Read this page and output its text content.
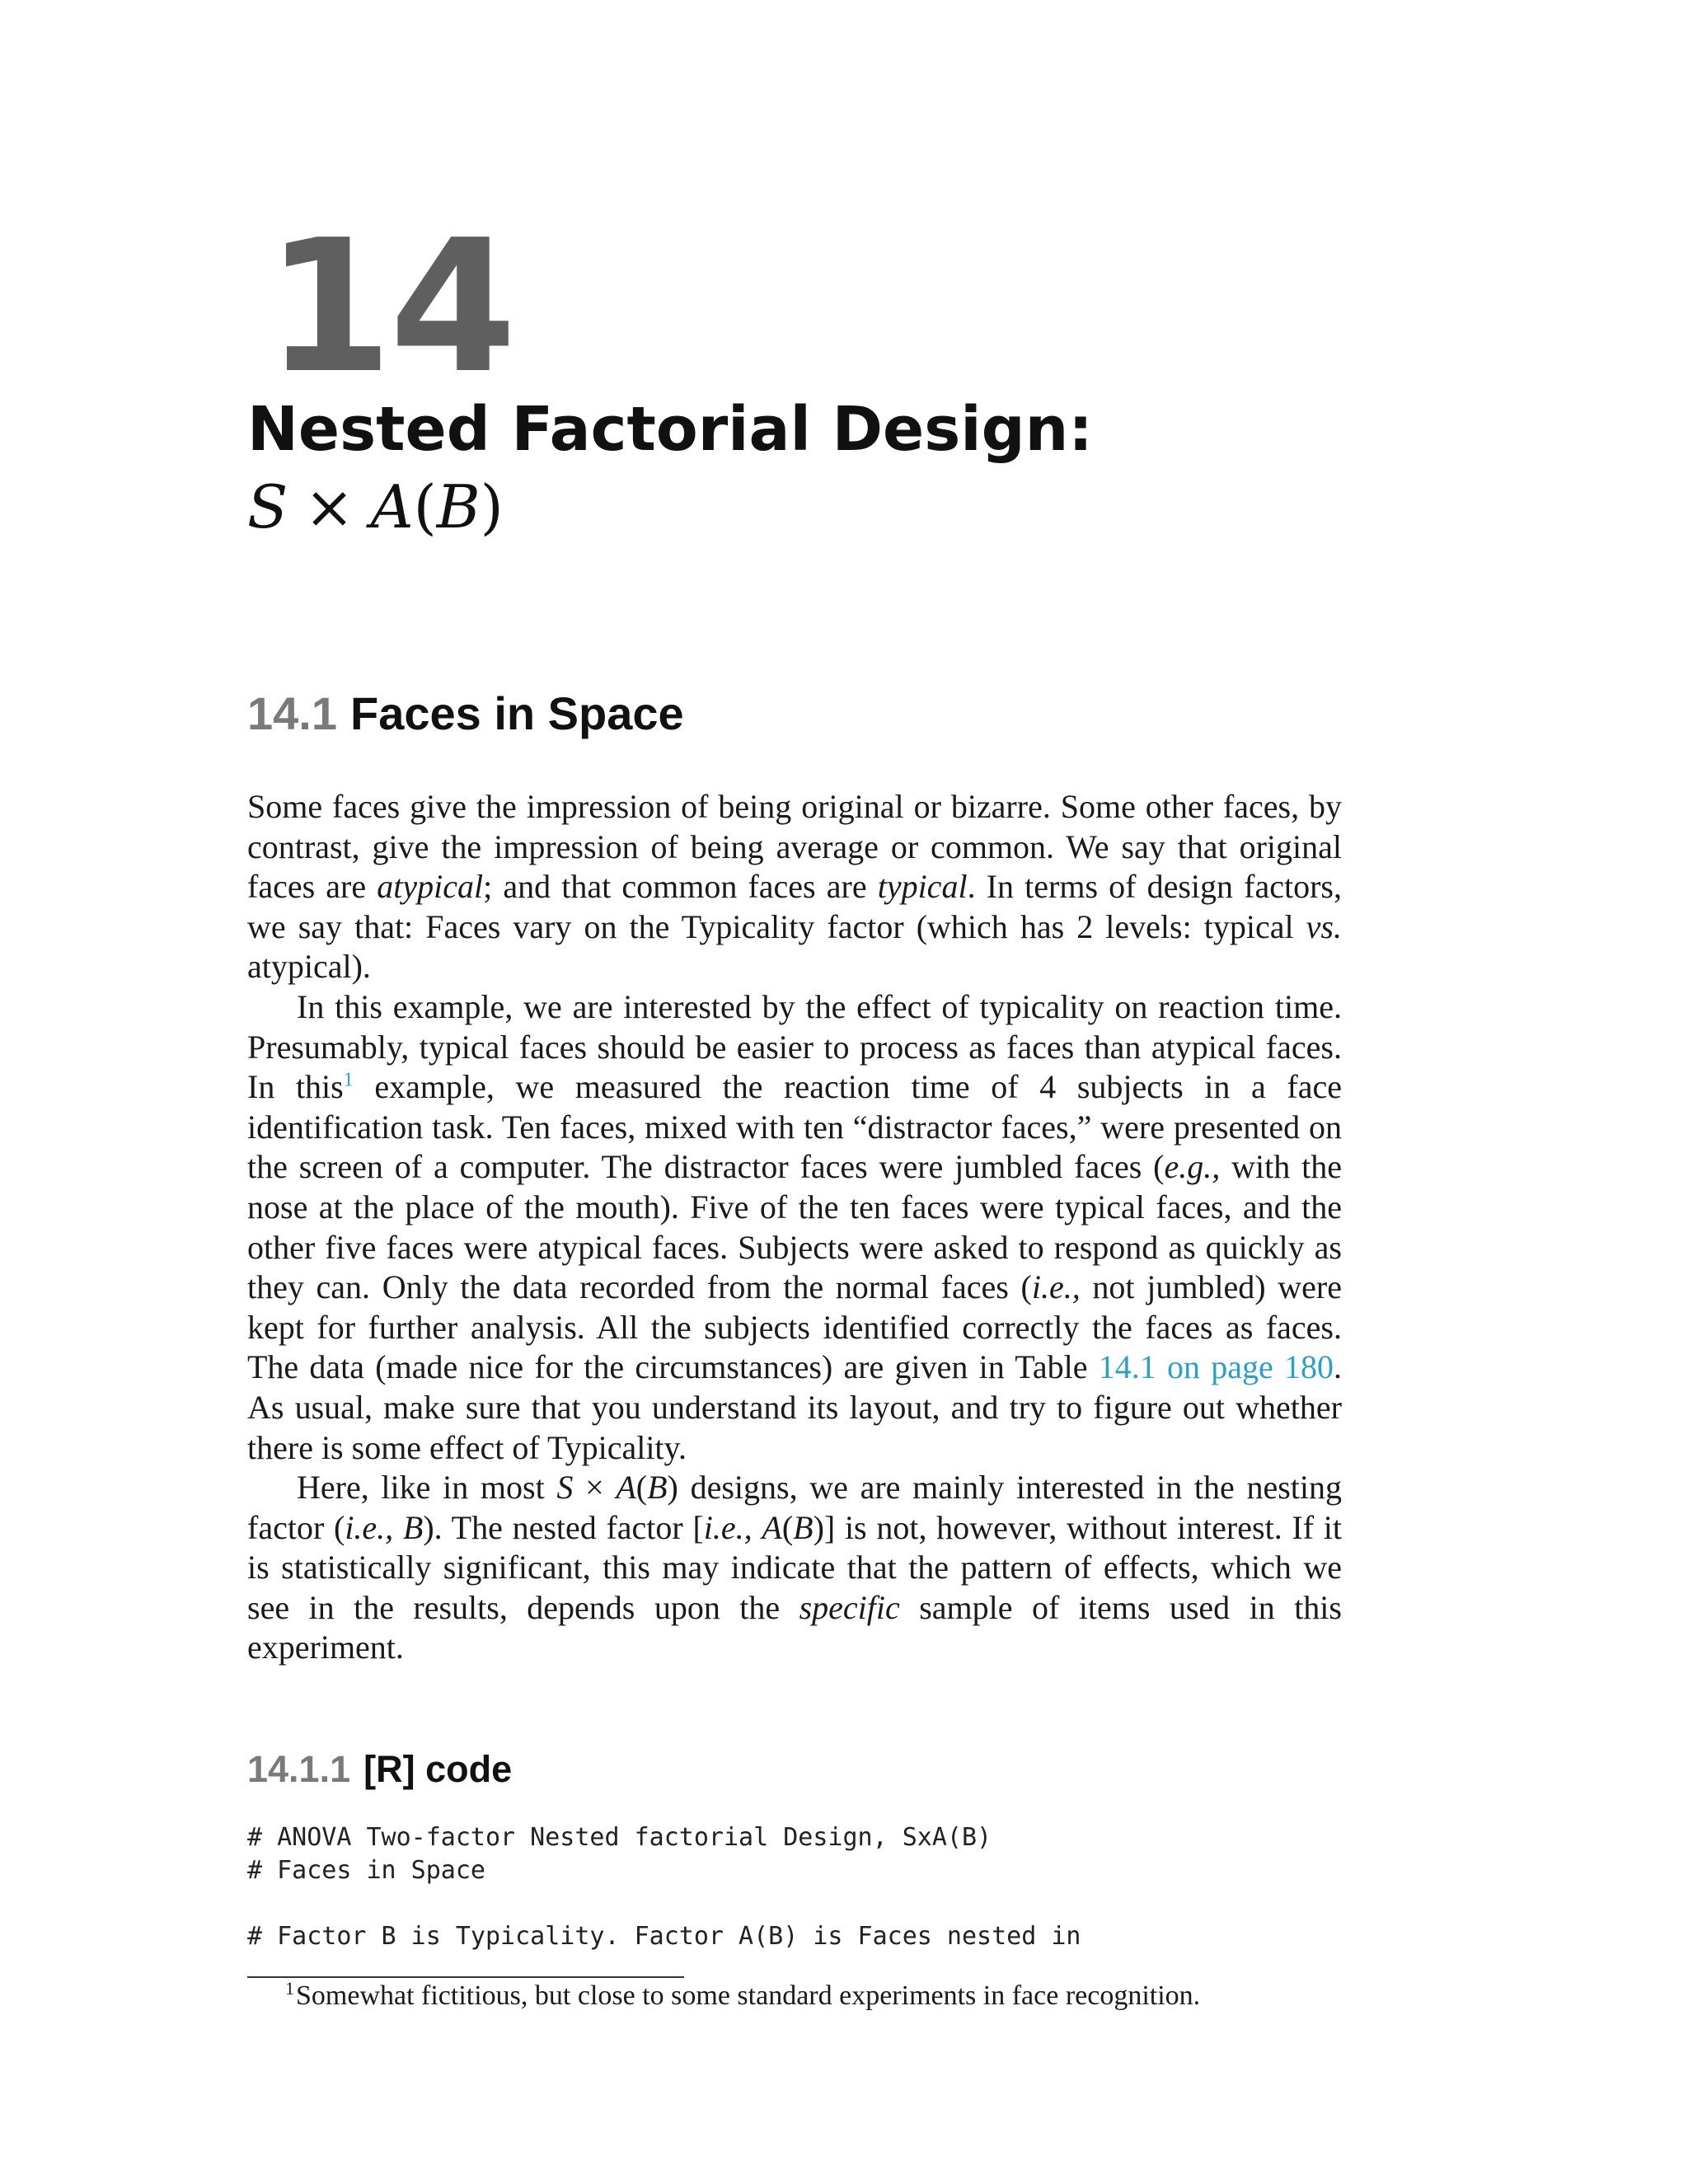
14
Nested Factorial Design:
S × A(B)
14.1 Faces in Space

Some faces give the impression of being original or bizarre. Some other faces, by contrast, give the impression of being average or common. We say that original faces are atypical; and that common faces are typical. In terms of design factors, we say that: Faces vary on the Typicality factor (which has 2 levels: typical vs. atypical).

In this example, we are interested by the effect of typicality on reaction time. Presumably, typical faces should be easier to process as faces than atypical faces. In this$^1$ example, we measured the reaction time of 4 subjects in a face identification task. Ten faces, mixed with ten “distractor faces,” were presented on the screen of a computer. The distractor faces were jumbled faces (e.g., with the nose at the place of the mouth). Five of the ten faces were typical faces, and the other five faces were atypical faces. Subjects were asked to respond as quickly as they can. Only the data recorded from the normal faces (i.e., not jumbled) were kept for further analysis. All the subjects identified correctly the faces as faces. The data (made nice for the circumstances) are given in Table 14.1 on page 180. As usual, make sure that you understand its layout, and try to figure out whether there is some effect of Typicality.

Here, like in most S × A(B) designs, we are mainly interested in the nesting factor (i.e., B). The nested factor [i.e., A(B)] is not, however, without interest. If it is statistically significant, this may indicate that the pattern of effects, which we see in the results, depends upon the specific sample of items used in this experiment.

14.1.1 [R] code
# ANOVA Two-factor Nested factorial Design, SxA(B)
# Faces in Space

# Factor B is Typicality. Factor A(B) is Faces nested in
$^1$Somewhat fictitious, but close to some standard experiments in face recognition.
